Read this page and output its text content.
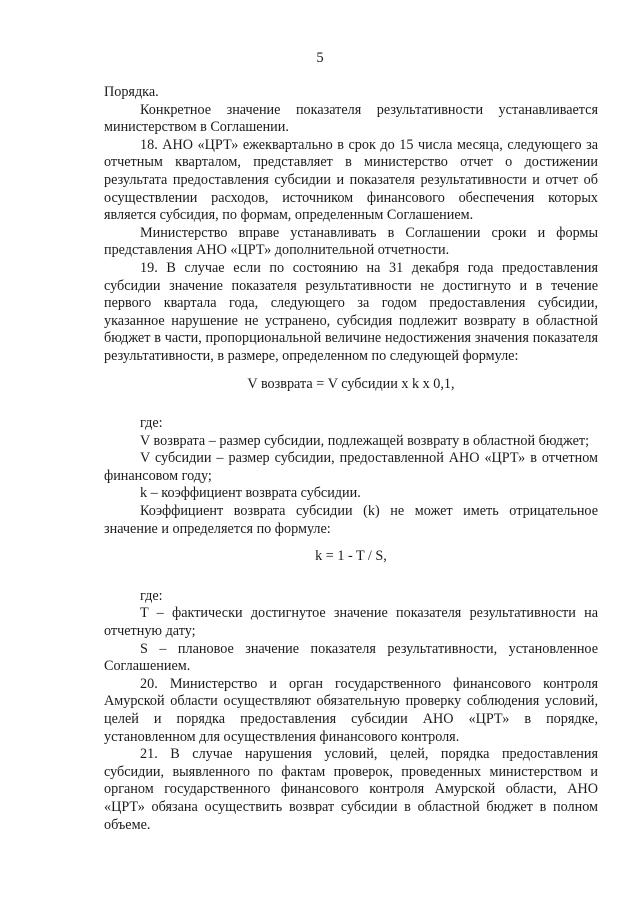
5

Порядка.

Конкретное значение показателя результативности устанавливается министерством в Соглашении.

18. АНО «ЦРТ» ежеквартально в срок до 15 числа месяца, следующего за отчетным кварталом, представляет в министерство отчет о достижении результата предоставления субсидии и показателя результативности и отчет об осуществлении расходов, источником финансового обеспечения которых является субсидия, по формам, определенным Соглашением.

Министерство вправе устанавливать в Соглашении сроки и формы представления АНО «ЦРТ» дополнительной отчетности.

19. В случае если по состоянию на 31 декабря года предоставления субсидии значение показателя результативности не достигнуто и в течение первого квартала года, следующего за годом предоставления субсидии, указанное нарушение не устранено, субсидия подлежит возврату в областной бюджет в части, пропорциональной величине недостижения значения показателя результативности, в размере, определенном по следующей формуле:

V возврата = V субсидии x k x 0,1,

где:

V возврата – размер субсидии, подлежащей возврату в областной бюджет;

V субсидии – размер субсидии, предоставленной АНО «ЦРТ» в отчетном финансовом году;

k – коэффициент возврата субсидии.

Коэффициент возврата субсидии (k) не может иметь отрицательное значение и определяется по формуле:

k = 1 - T / S,

где:

T – фактически достигнутое значение показателя результативности на отчетную дату;

S – плановое значение показателя результативности, установленное Соглашением.

20. Министерство и орган государственного финансового контроля Амурской области осуществляют обязательную проверку соблюдения условий, целей и порядка предоставления субсидии АНО «ЦРТ» в порядке, установленном для осуществления финансового контроля.

21. В случае нарушения условий, целей, порядка предоставления субсидии, выявленного по фактам проверок, проведенных министерством и органом государственного финансового контроля Амурской области, АНО «ЦРТ» обязана осуществить возврат субсидии в областной бюджет в полном объеме.
